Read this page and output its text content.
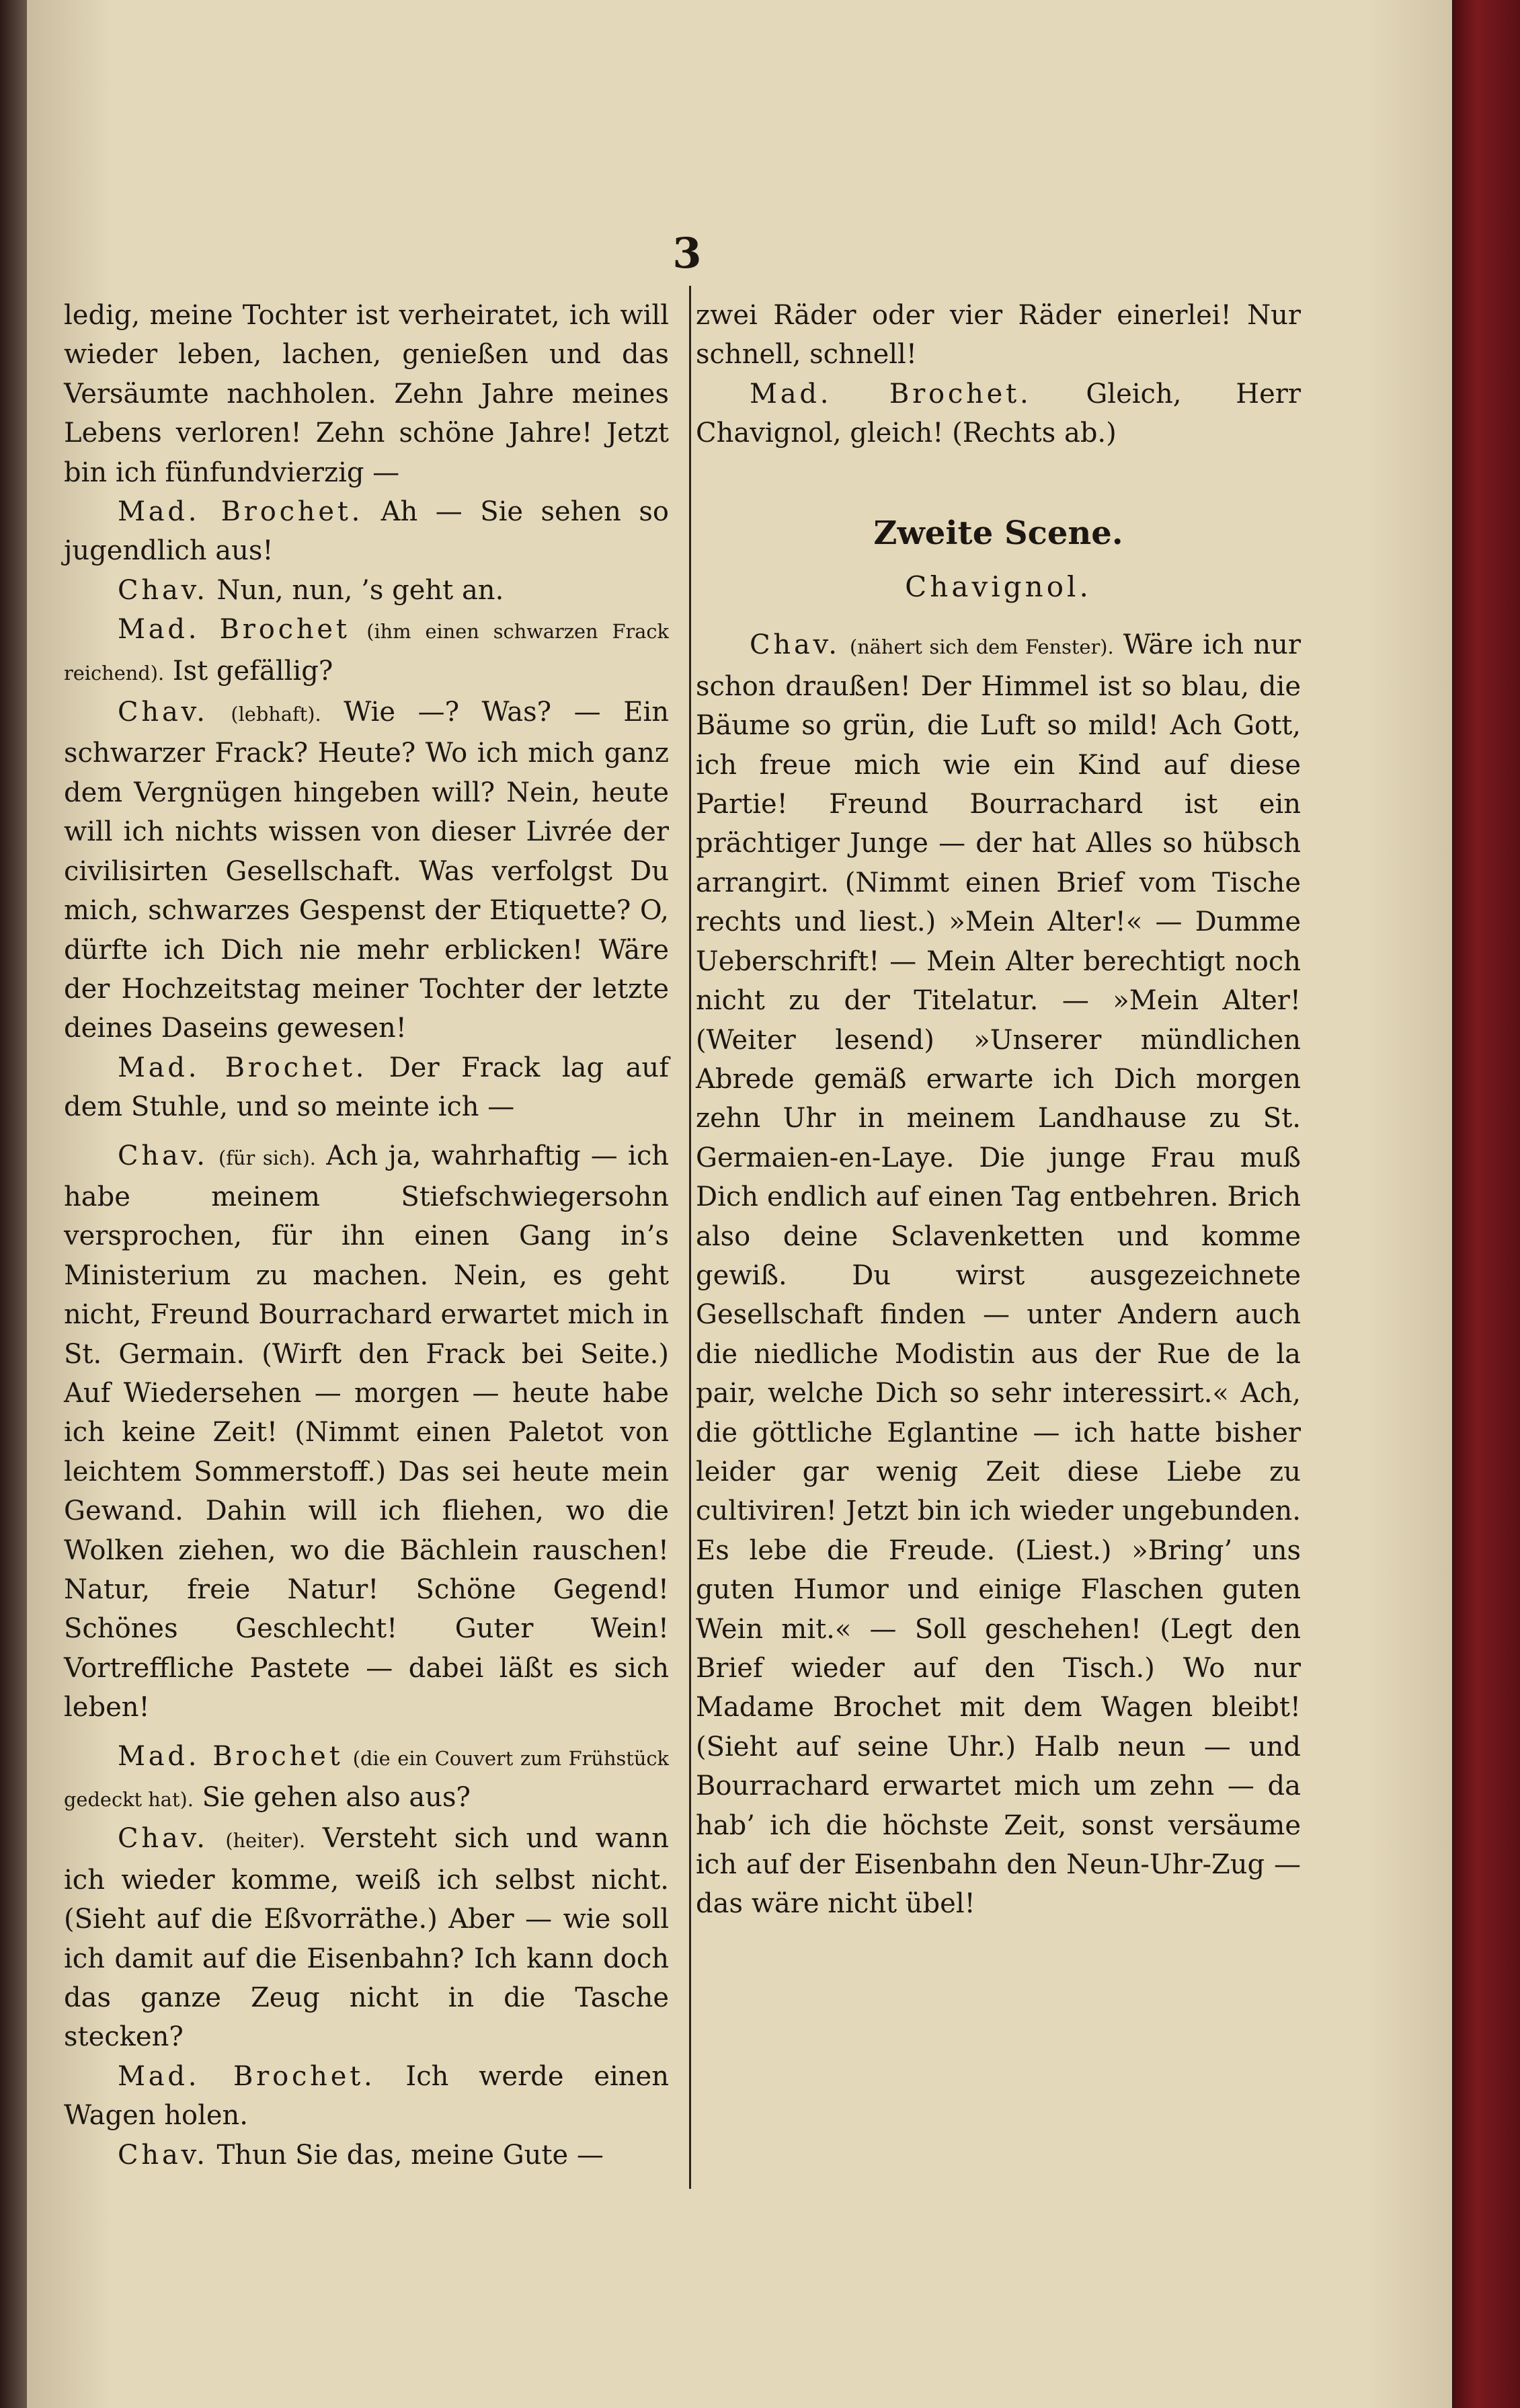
3

ledig, meine Tochter ist verheiratet, ich will wieder leben, lachen, genießen und das Versäumte nachholen. Zehn Jahre meines Lebens verloren! Zehn schöne Jahre! Jetzt bin ich fünfundvierzig —

Mad. Brochet. Ah — Sie sehen so jugendlich aus!

Chav. Nun, nun, ’s geht an.

Mad. Brochet (ihm einen schwarzen Frack reichend). Ist gefällig?

Chav. (lebhaft). Wie —? Was? — Ein schwarzer Frack? Heute? Wo ich mich ganz dem Vergnügen hingeben will? Nein, heute will ich nichts wissen von dieser Livrée der civilisirten Gesellschaft. Was verfolgst Du mich, schwarzes Gespenst der Etiquette? O, dürfte ich Dich nie mehr erblicken! Wäre der Hochzeitstag meiner Tochter der letzte deines Daseins gewesen!

Mad. Brochet. Der Frack lag auf dem Stuhle, und so meinte ich —

Chav. (für sich). Ach ja, wahrhaftig — ich habe meinem Stiefschwiegersohn versprochen, für ihn einen Gang in’s Ministerium zu machen. Nein, es geht nicht, Freund Bourrachard erwartet mich in St. Germain. (Wirft den Frack bei Seite.) Auf Wiedersehen — morgen — heute habe ich keine Zeit! (Nimmt einen Paletot von leichtem Sommerstoff.) Das sei heute mein Gewand. Dahin will ich fliehen, wo die Wolken ziehen, wo die Bächlein rauschen! Natur, freie Natur! Schöne Gegend! Schönes Geschlecht! Guter Wein! Vortreffliche Pastete — dabei läßt es sich leben!

Mad. Brochet (die ein Couvert zum Frühstück gedeckt hat). Sie gehen also aus?

Chav. (heiter). Versteht sich und wann ich wieder komme, weiß ich selbst nicht. (Sieht auf die Eßvorräthe.) Aber — wie soll ich damit auf die Eisenbahn? Ich kann doch das ganze Zeug nicht in die Tasche stecken?

Mad. Brochet. Ich werde einen Wagen holen.

Chav. Thun Sie das, meine Gute —

zwei Räder oder vier Räder einerlei! Nur schnell, schnell!

Mad. Brochet. Gleich, Herr Chavignol, gleich! (Rechts ab.)

Zweite Scene.
Chavignol.

Chav. (nähert sich dem Fenster). Wäre ich nur schon draußen! Der Himmel ist so blau, die Bäume so grün, die Luft so mild! Ach Gott, ich freue mich wie ein Kind auf diese Partie! Freund Bourrachard ist ein prächtiger Junge — der hat Alles so hübsch arrangirt. (Nimmt einen Brief vom Tische rechts und liest.) »Mein Alter!« — Dumme Ueberschrift! — Mein Alter berechtigt noch nicht zu der Titelatur. — »Mein Alter! (Weiter lesend) »Unserer mündlichen Abrede gemäß erwarte ich Dich morgen zehn Uhr in meinem Landhause zu St. Germaien-en-Laye. Die junge Frau muß Dich endlich auf einen Tag entbehren. Brich also deine Sclavenketten und komme gewiß. Du wirst ausgezeichnete Gesellschaft finden — unter Andern auch die niedliche Modistin aus der Rue de la pair, welche Dich so sehr interessirt.« Ach, die göttliche Eglantine — ich hatte bisher leider gar wenig Zeit diese Liebe zu cultiviren! Jetzt bin ich wieder ungebunden. Es lebe die Freude. (Liest.) »Bring’ uns guten Humor und einige Flaschen guten Wein mit.« — Soll geschehen! (Legt den Brief wieder auf den Tisch.) Wo nur Madame Brochet mit dem Wagen bleibt! (Sieht auf seine Uhr.) Halb neun — und Bourrachard erwartet mich um zehn — da hab’ ich die höchste Zeit, sonst versäume ich auf der Eisenbahn den Neun-Uhr-Zug — das wäre nicht übel!
